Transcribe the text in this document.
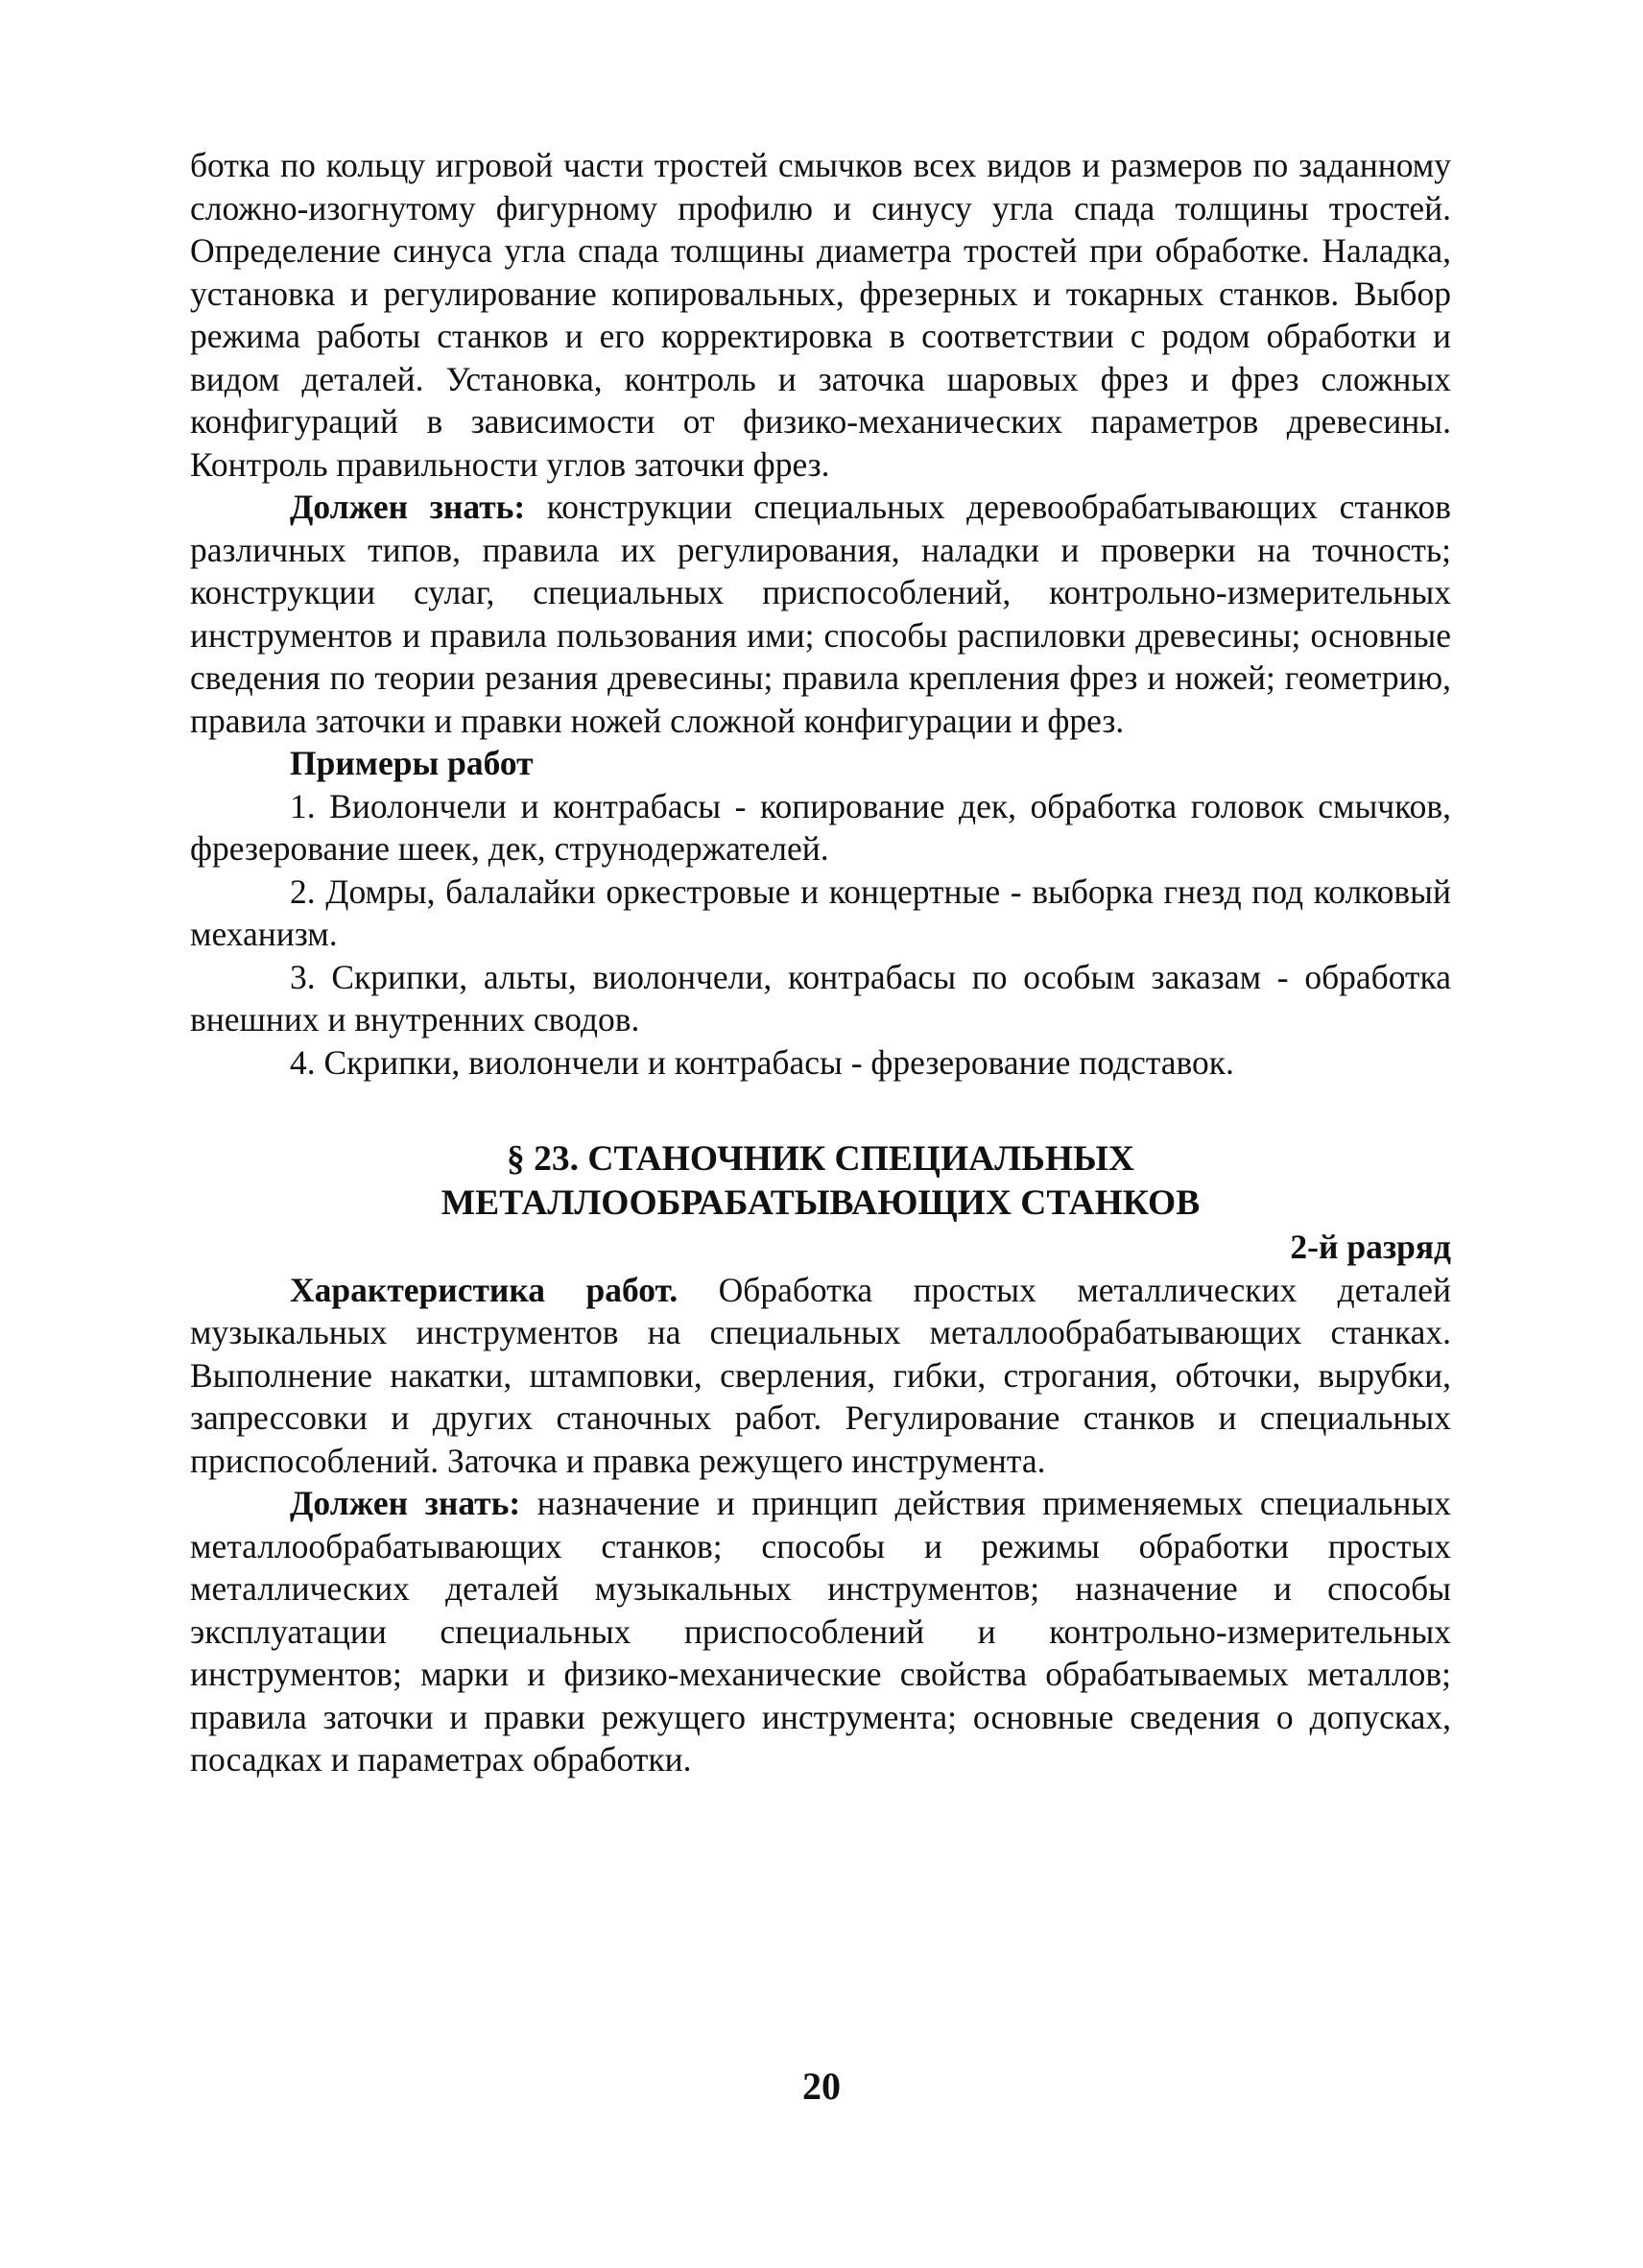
ботка по кольцу игровой части тростей смычков всех видов и размеров по заданному сложно-изогнутому фигурному профилю и синусу угла спада толщины тростей. Определение синуса угла спада толщины диаметра тростей при обработке. Наладка, установка и регулирование копировальных, фрезерных и токарных станков. Выбор режима работы станков и его корректировка в соответствии с родом обработки и видом деталей. Установка, контроль и заточка шаровых фрез и фрез сложных конфигураций в зависимости от физико-механических параметров древесины. Контроль правильности углов заточки фрез.

Должен знать: конструкции специальных деревообрабатывающих станков различных типов, правила их регулирования, наладки и проверки на точность; конструкции сулаг, специальных приспособлений, контрольно-измерительных инструментов и правила пользования ими; способы распиловки древесины; основные сведения по теории резания древесины; правила крепления фрез и ножей; геометрию, правила заточки и правки ножей сложной конфигурации и фрез.

Примеры работ

1. Виолончели и контрабасы - копирование дек, обработка головок смычков, фрезерование шеек, дек, струнодержателей.

2. Домры, балалайки оркестровые и концертные - выборка гнезд под колковый механизм.

3. Скрипки, альты, виолончели, контрабасы по особым заказам - обработка внешних и внутренних сводов.

4. Скрипки, виолончели и контрабасы - фрезерование подставок.

§ 23. СТАНОЧНИК СПЕЦИАЛЬНЫХ
МЕТАЛЛООБРАБАТЫВАЮЩИХ СТАНКОВ

2-й разряд

Характеристика работ. Обработка простых металлических деталей музыкальных инструментов на специальных металлообрабатывающих станках. Выполнение накатки, штамповки, сверления, гибки, строгания, обточки, вырубки, запрессовки и других станочных работ. Регулирование станков и специальных приспособлений. Заточка и правка режущего инструмента.

Должен знать: назначение и принцип действия применяемых специальных металлообрабатывающих станков; способы и режимы обработки простых металлических деталей музыкальных инструментов; назначение и способы эксплуатации специальных приспособлений и контрольно-измерительных инструментов; марки и физико-механические свойства обрабатываемых металлов; правила заточки и правки режущего инструмента; основные сведения о допусках, посадках и параметрах обработки.

20
